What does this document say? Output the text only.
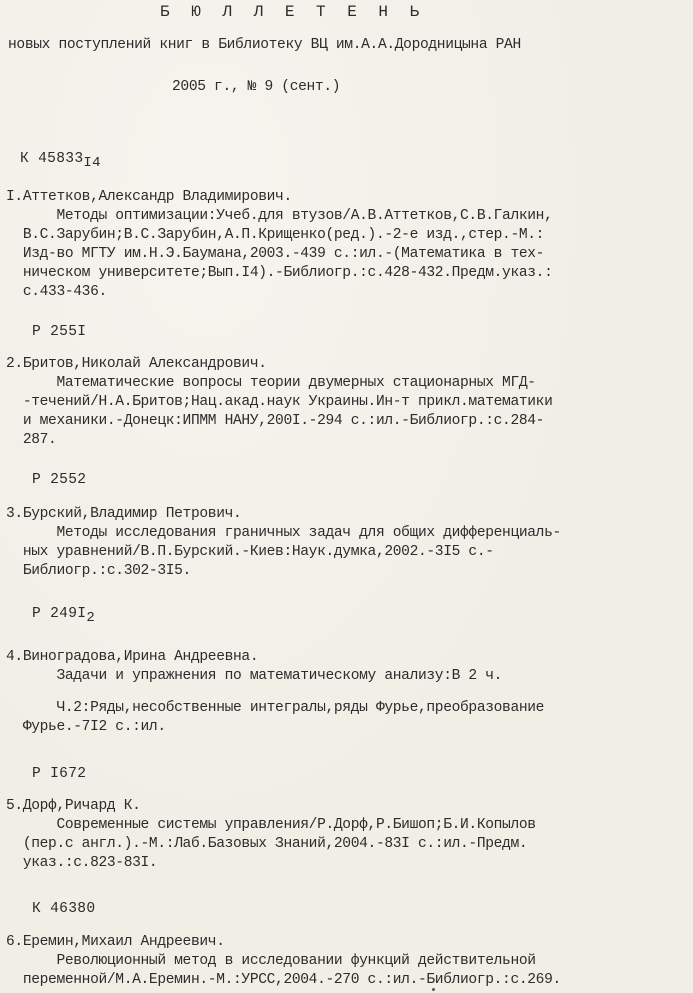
Б Ю Л Л Е Т Е Н Ь
новых поступлений книг в Библиотеку ВЦ им.А.А.Дородницына РАН
2005 г., № 9 (сент.)
К $45833_{I4}$
I.Аттетков,Александр Владимирович.
Методы оптимизации:Учеб.для втузов/А.В.Аттетков,С.В.Галкин,
В.С.Зарубин;В.С.Зарубин,А.П.Крищенко(ред.).-2-е изд.,стер.-М.:
Изд-во МГТУ им.Н.Э.Баумана,2003.-439 с.:ил.-(Математика в тех-
ническом университете;Вып.I4).-Библиогр.:с.428-432.Предм.указ.:
с.433-436.
Р 255I
2.Бритов,Николай Александрович.
Математические вопросы теории двумерных стационарных МГД-
-течений/Н.А.Бритов;Нац.акад.наук Украины.Ин-т прикл.математики
и механики.-Донецк:ИПММ НАНУ,200I.-294 с.:ил.-Библиогр.:с.284-
287.
Р 2552
3.Бурский,Владимир Петрович.
Методы исследования граничных задач для общих дифференциаль-
ных уравнений/В.П.Бурский.-Киев:Наук.думка,2002.-3I5 с.-
Библиогр.:с.302-3I5.
Р $249I_2$
4.Виноградова,Ирина Андреевна.
Задачи и упражнения по математическому анализу:В 2 ч.
Ч.2:Ряды,несобственные интегралы,ряды Фурье,преобразование
Фурье.-7I2 с.:ил.
Р I672
5.Дорф,Ричард К.
Современные системы управления/Р.Дорф,Р.Бишоп;Б.И.Копылов
(пер.с англ.).-М.:Лаб.Базовых Знаний,2004.-83I с.:ил.-Предм.
указ.:с.823-83I.
К 46380
6.Еремин,Михаил Андреевич.
Революционный метод в исследовании функций действительной
переменной/М.А.Еремин.-М.:УРСС,2004.-270 с.:ил.-Библиогр.:с.269.
